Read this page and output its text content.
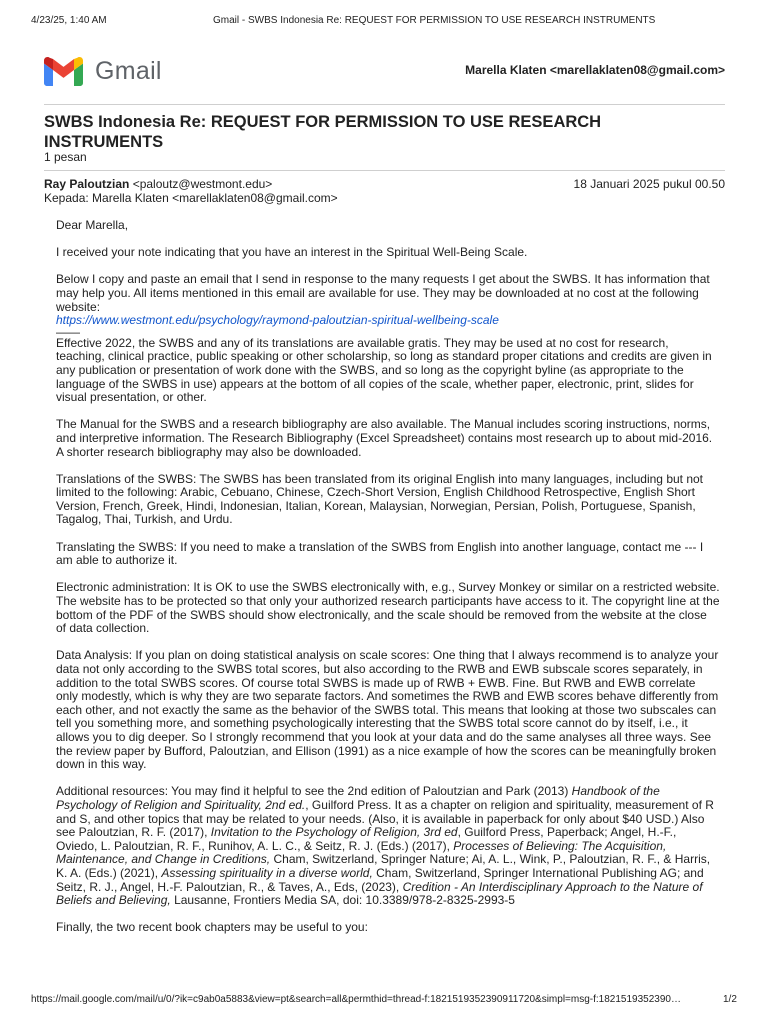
4/23/25, 1:40 AM	Gmail - SWBS Indonesia Re: REQUEST FOR PERMISSION TO USE RESEARCH INSTRUMENTS
Gmail	Marella Klaten <marellaklaten08@gmail.com>
SWBS Indonesia Re: REQUEST FOR PERMISSION TO USE RESEARCH INSTRUMENTS
1 pesan
Ray Paloutzian <paloutz@westmont.edu>	18 Januari 2025 pukul 00.50
Kepada: Marella Klaten <marellaklaten08@gmail.com>

Dear Marella,

I received your note indicating that you have an interest in the Spiritual Well-Being Scale.

Below I copy and paste an email that I send in response to the many requests I get about the SWBS. It has information that may help you. All items mentioned in this email are available for use. They may be downloaded at no cost at the following website:

https://www.westmont.edu/psychology/raymond-paloutzian-spiritual-wellbeing-scale

——

Effective 2022, the SWBS and any of its translations are available gratis. They may be used at no cost for research, teaching, clinical practice, public speaking or other scholarship, so long as standard proper citations and credits are given in any publication or presentation of work done with the SWBS, and so long as the copyright byline (as appropriate to the language of the SWBS in use) appears at the bottom of all copies of the scale, whether paper, electronic, print, slides for visual presentation, or other.

The Manual for the SWBS and a research bibliography are also available. The Manual includes scoring instructions, norms, and interpretive information. The Research Bibliography (Excel Spreadsheet) contains most research up to about mid-2016. A shorter research bibliography may also be downloaded.

Translations of the SWBS: The SWBS has been translated from its original English into many languages, including but not limited to the following: Arabic, Cebuano, Chinese, Czech-Short Version, English Childhood Retrospective, English Short Version, French, Greek, Hindi, Indonesian, Italian, Korean, Malaysian, Norwegian, Persian, Polish, Portuguese, Spanish, Tagalog, Thai, Turkish, and Urdu.

Translating the SWBS: If you need to make a translation of the SWBS from English into another language, contact me --- I am able to authorize it.

Electronic administration: It is OK to use the SWBS electronically with, e.g., Survey Monkey or similar on a restricted website. The website has to be protected so that only your authorized research participants have access to it. The copyright line at the bottom of the PDF of the SWBS should show electronically, and the scale should be removed from the website at the close of data collection.

Data Analysis: If you plan on doing statistical analysis on scale scores: One thing that I always recommend is to analyze your data not only according to the SWBS total scores, but also according to the RWB and EWB subscale scores separately, in addition to the total SWBS scores. Of course total SWBS is made up of RWB + EWB. Fine. But RWB and EWB correlate only modestly, which is why they are two separate factors. And sometimes the RWB and EWB scores behave differently from each other, and not exactly the same as the behavior of the SWBS total. This means that looking at those two subscales can tell you something more, and something psychologically interesting that the SWBS total score cannot do by itself, i.e., it allows you to dig deeper. So I strongly recommend that you look at your data and do the same analyses all three ways. See the review paper by Bufford, Paloutzian, and Ellison (1991) as a nice example of how the scores can be meaningfully broken down in this way.

Additional resources: You may find it helpful to see the 2nd edition of Paloutzian and Park (2013) Handbook of the Psychology of Religion and Spirituality, 2nd ed., Guilford Press. It as a chapter on religion and spirituality, measurement of R and S, and other topics that may be related to your needs. (Also, it is available in paperback for only about $40 USD.) Also see Paloutzian, R. F. (2017), Invitation to the Psychology of Religion, 3rd ed, Guilford Press, Paperback; Angel, H.-F., Oviedo, L. Paloutzian, R. F., Runihov, A. L. C., & Seitz, R. J. (Eds.) (2017), Processes of Believing: The Acquisition, Maintenance, and Change in Creditions, Cham, Switzerland, Springer Nature; Ai, A. L., Wink, P., Paloutzian, R. F., & Harris, K. A. (Eds.) (2021), Assessing spirituality in a diverse world, Cham, Switzerland, Springer International Publishing AG; and Seitz, R. J., Angel, H.-F. Paloutzian, R., & Taves, A., Eds, (2023), Credition - An Interdisciplinary Approach to the Nature of Beliefs and Believing, Lausanne, Frontiers Media SA, doi: 10.3389/978-2-8325-2993-5

Finally, the two recent book chapters may be useful to you:

https://mail.google.com/mail/u/0/?ik=c9ab0a5883&view=pt&search=all&permthid=thread-f:1821519352390911720&simpl=msg-f:1821519352390…	1/2
